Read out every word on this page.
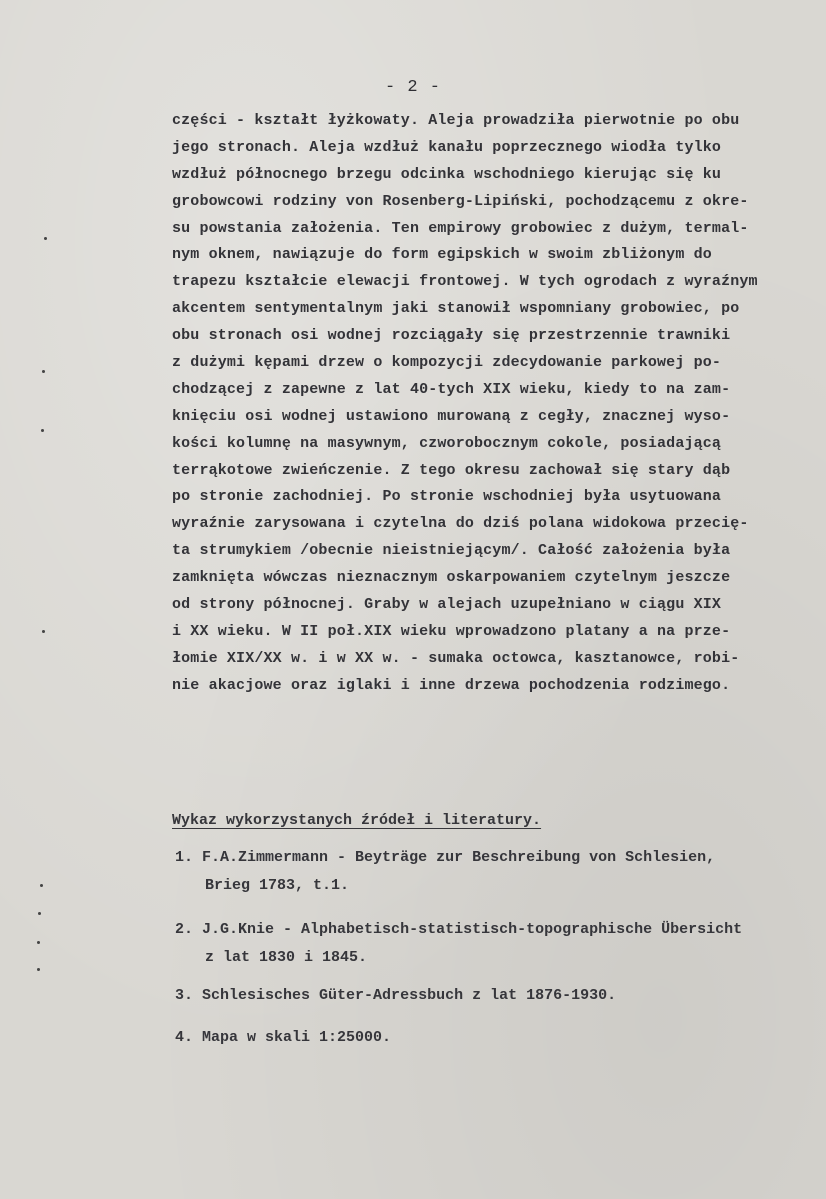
- 2 -
części - kształt łyżkowaty. Aleja prowadziła pierwotnie po obu
jego stronach. Aleja wzdłuż kanału poprzecznego wiodła tylko
wzdłuż północnego brzegu odcinka wschodniego kierując się ku
grobowcowi rodziny von Rosenberg-Lipiński, pochodzącemu z okre-
su powstania założenia. Ten empirowy grobowiec z dużym, termal-
nym oknem, nawiązuje do form egipskich w swoim zbliżonym do
trapezu kształcie elewacji frontowej. W tych ogrodach z wyraźnym
akcentem sentymentalnym jaki stanowił wspomniany grobowiec, po
obu stronach osi wodnej rozciągały się przestrzennie trawniki
z dużymi kępami drzew o kompozycji zdecydowanie parkowej po-
chodzącej z zapewne z lat 40-tych XIX wieku, kiedy to na zam-
knięciu osi wodnej ustawiono murowaną z cegły, znacznej wyso-
kości kolumnę na masywnym, czworobocznym cokole, posiadającą
terrąkotowe zwieńczenie. Z tego okresu zachował się stary dąb
po stronie zachodniej. Po stronie wschodniej była usytuowana
wyraźnie zarysowana i czytelna do dziś polana widokowa przecię-
ta strumykiem /obecnie nieistniejącym/. Całość założenia była
zamknięta wówczas nieznacznym oskarpowaniem czytelnym jeszcze
od strony północnej. Graby w alejach uzupełniano w ciągu XIX
i XX wieku. W II poł.XIX wieku wprowadzono platany a na prze-
łomie XIX/XX w. i w XX w. - sumaka octowca, kasztanowce, robi-
nie akacjowe oraz iglaki i inne drzewa pochodzenia rodzimego.
Wykaz wykorzystanych źródeł i literatury.
1. F.A.Zimmermann - Beyträge zur Beschreibung von Schlesien,
Brieg 1783, t.1.
2. J.G.Knie - Alphabetisch-statistisch-topographische Übersicht
z lat 1830 i 1845.
3. Schlesisches Güter-Adressbuch z lat 1876-1930.
4. Mapa w skali 1:25000.
